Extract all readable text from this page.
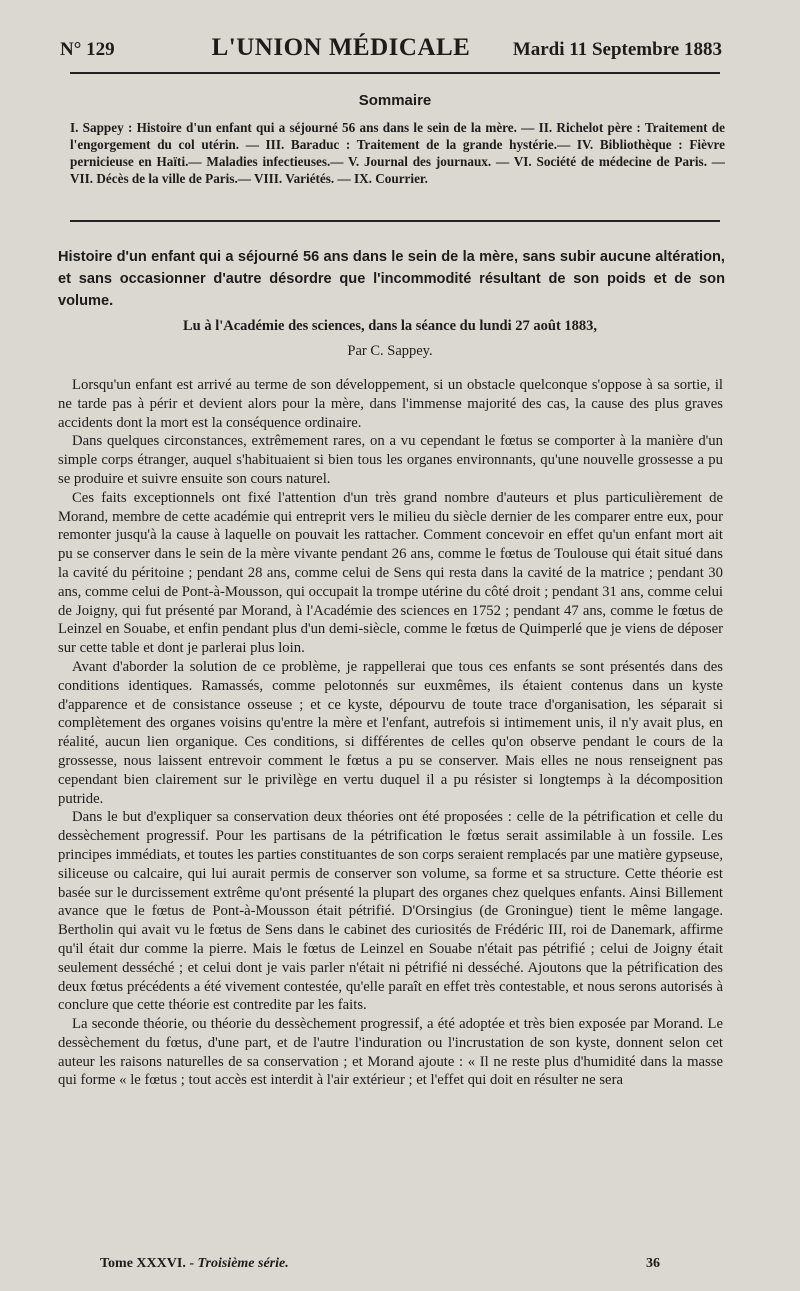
N° 129	L'UNION MÉDICALE	Mardi 11 Septembre 1883
Sommaire

I. Sappey : Histoire d'un enfant qui a séjourné 56 ans dans le sein de la mère. — II. Richelot père : Traitement de l'engorgement du col utérin. — III. Baraduc : Traitement de la grande hystérie.— IV. Bibliothèque : Fièvre pernicieuse en Haïti.— Maladies infectieuses.— V. Journal des journaux. — VI. Société de médecine de Paris. — VII. Décès de la ville de Paris.— VIII. Variétés. — IX. Courrier.

Histoire d'un enfant qui a séjourné 56 ans dans le sein de la mère, sans subir aucune altération, et sans occasionner d'autre désordre que l'incommodité résultant de son poids et de son volume.

Lu à l'Académie des sciences, dans la séance du lundi 27 août 1883,
Par C. Sappey.

Lorsqu'un enfant est arrivé au terme de son développement, si un obstacle quelconque s'oppose à sa sortie, il ne tarde pas à périr et devient alors pour la mère, dans l'immense majorité des cas, la cause des plus graves accidents dont la mort est la conséquence ordinaire.

Dans quelques circonstances, extrêmement rares, on a vu cependant le fœtus se comporter à la manière d'un simple corps étranger, auquel s'habituaient si bien tous les organes environnants, qu'une nouvelle grossesse a pu se produire et suivre ensuite son cours naturel.

Ces faits exceptionnels ont fixé l'attention d'un très grand nombre d'auteurs et plus particulièrement de Morand, membre de cette académie qui entreprit vers le milieu du siècle dernier de les comparer entre eux, pour remonter jusqu'à la cause à laquelle on pouvait les rattacher. Comment concevoir en effet qu'un enfant mort ait pu se conserver dans le sein de la mère vivante pendant 26 ans, comme le fœtus de Toulouse qui était situé dans la cavité du péritoine ; pendant 28 ans, comme celui de Sens qui resta dans la cavité de la matrice ; pendant 30 ans, comme celui de Pont-à-Mousson, qui occupait la trompe utérine du côté droit ; pendant 31 ans, comme celui de Joigny, qui fut présenté par Morand, à l'Académie des sciences en 1752 ; pendant 47 ans, comme le fœtus de Leinzel en Souabe, et enfin pendant plus d'un demi-siècle, comme le fœtus de Quimperlé que je viens de déposer sur cette table et dont je parlerai plus loin.

Avant d'aborder la solution de ce problème, je rappellerai que tous ces enfants se sont présentés dans des conditions identiques. Ramassés, comme pelotonnés sur euxmêmes, ils étaient contenus dans un kyste d'apparence et de consistance osseuse ; et ce kyste, dépourvu de toute trace d'organisation, les séparait si complètement des organes voisins qu'entre la mère et l'enfant, autrefois si intimement unis, il n'y avait plus, en réalité, aucun lien organique. Ces conditions, si différentes de celles qu'on observe pendant le cours de la grossesse, nous laissent entrevoir comment le fœtus a pu se conserver. Mais elles ne nous renseignent pas cependant bien clairement sur le privilège en vertu duquel il a pu résister si longtemps à la décomposition putride.

Dans le but d'expliquer sa conservation deux théories ont été proposées : celle de la pétrification et celle du dessèchement progressif. Pour les partisans de la pétrification le fœtus serait assimilable à un fossile. Les principes immédiats, et toutes les parties constituantes de son corps seraient remplacés par une matière gypseuse, siliceuse ou calcaire, qui lui aurait permis de conserver son volume, sa forme et sa structure. Cette théorie est basée sur le durcissement extrême qu'ont présenté la plupart des organes chez quelques enfants. Ainsi Billement avance que le fœtus de Pont-à-Mousson était pétrifié. D'Orsingius (de Groningue) tient le même langage. Bertholin qui avait vu le fœtus de Sens dans le cabinet des curiosités de Frédéric III, roi de Danemark, affirme qu'il était dur comme la pierre. Mais le fœtus de Leinzel en Souabe n'était pas pétrifié ; celui de Joigny était seulement desséché ; et celui dont je vais parler n'était ni pétrifié ni desséché. Ajoutons que la pétrification des deux fœtus précédents a été vivement contestée, qu'elle paraît en effet très contestable, et nous serons autorisés à conclure que cette théorie est contredite par les faits.

La seconde théorie, ou théorie du dessèchement progressif, a été adoptée et très bien exposée par Morand. Le dessèchement du fœtus, d'une part, et de l'autre l'induration ou l'incrustation de son kyste, donnent selon cet auteur les raisons naturelles de sa conservation ; et Morand ajoute : « Il ne reste plus d'humidité dans la masse qui forme « le fœtus ; tout accès est interdit à l'air extérieur ; et l'effet qui doit en résulter ne sera

Tome XXXVI. - Troisième série.	36
